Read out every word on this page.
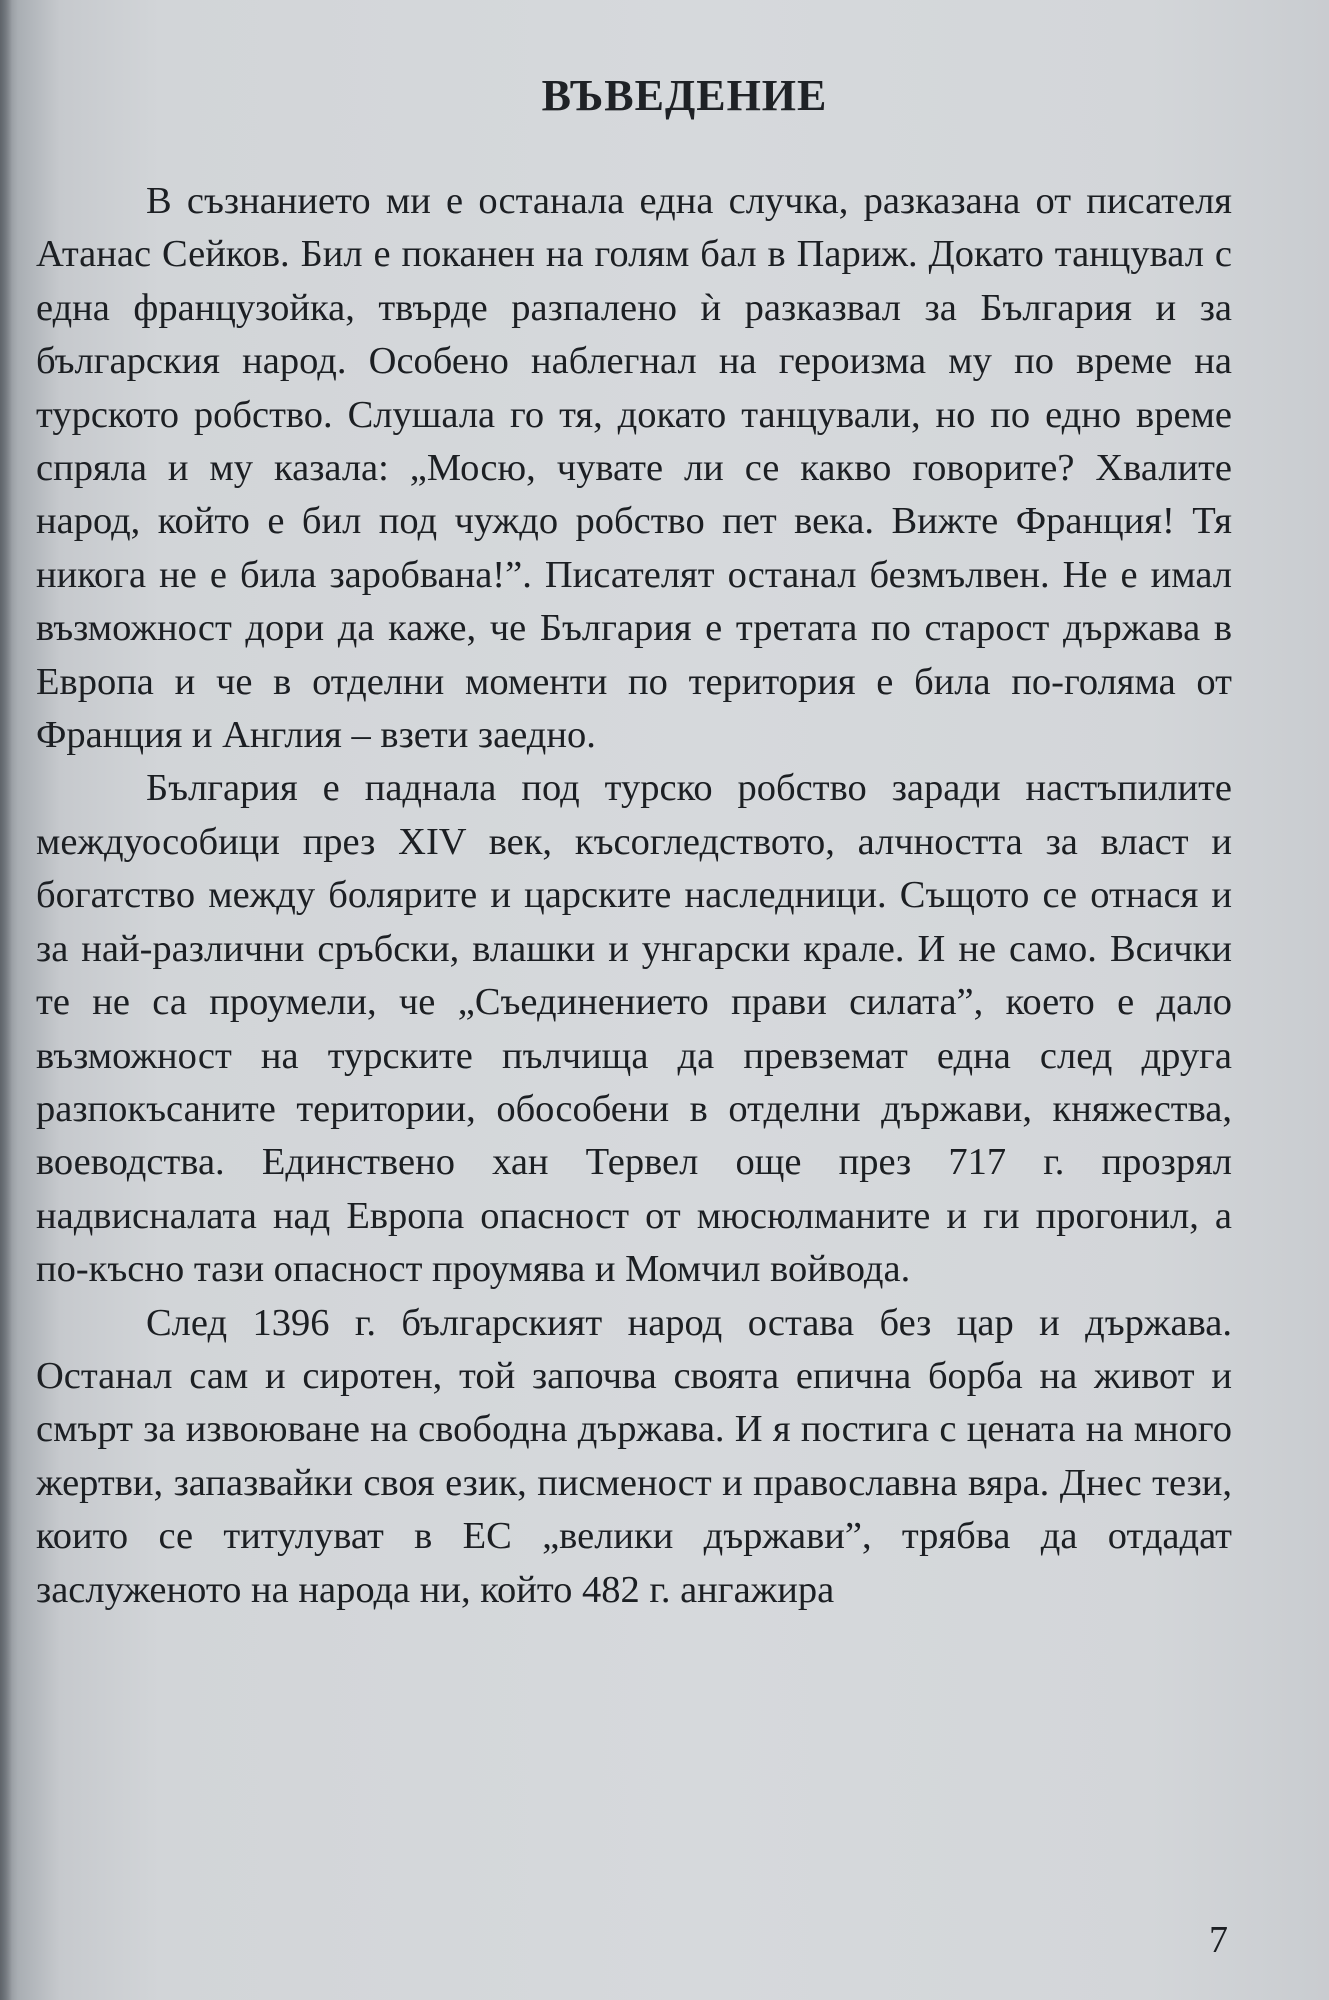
ВЪВЕДЕНИЕ

В съзнанието ми е останала една случка, разказана от писателя Атанас Сейков. Бил е поканен на голям бал в Париж. Докато танцувал с една французойка, твърде разпалено ѝ разказвал за България и за българския народ. Особено наблегнал на героизма му по време на турското робство. Слушала го тя, докато танцували, но по едно време спряла и му казала: „Мосю, чувате ли се какво говорите? Хвалите народ, който е бил под чуждо робство пет века. Вижте Франция! Тя никога не е била заробвана!”. Писателят останал безмълвен. Не е имал възможност дори да каже, че България е третата по старост държава в Европа и че в отделни моменти по територия е била по-голяма от Франция и Англия – взети заедно.

България е паднала под турско робство заради настъпилите междуособици през XIV век, късогледството, алчността за власт и богатство между болярите и царските наследници. Същото се отнася и за най-различни сръбски, влашки и унгарски крале. И не само. Всички те не са проумели, че „Съединението прави силата”, което е дало възможност на турските пълчища да превземат една след друга разпокъсаните територии, обособени в отделни държави, княжества, воеводства. Единствено хан Тервел още през 717 г. прозрял надвисналата над Европа опасност от мюсюлманите и ги прогонил, а по-късно тази опасност проумява и Момчил войвода.

След 1396 г. българският народ остава без цар и държава. Останал сам и сиротен, той започва своята епична борба на живот и смърт за извоюване на свободна държава. И я постига с цената на много жертви, запазвайки своя език, писменост и православна вяра. Днес тези, които се титулуват в ЕС „велики държави”, трябва да отдадат заслуженото на народа ни, който 482 г. ангажира

7
